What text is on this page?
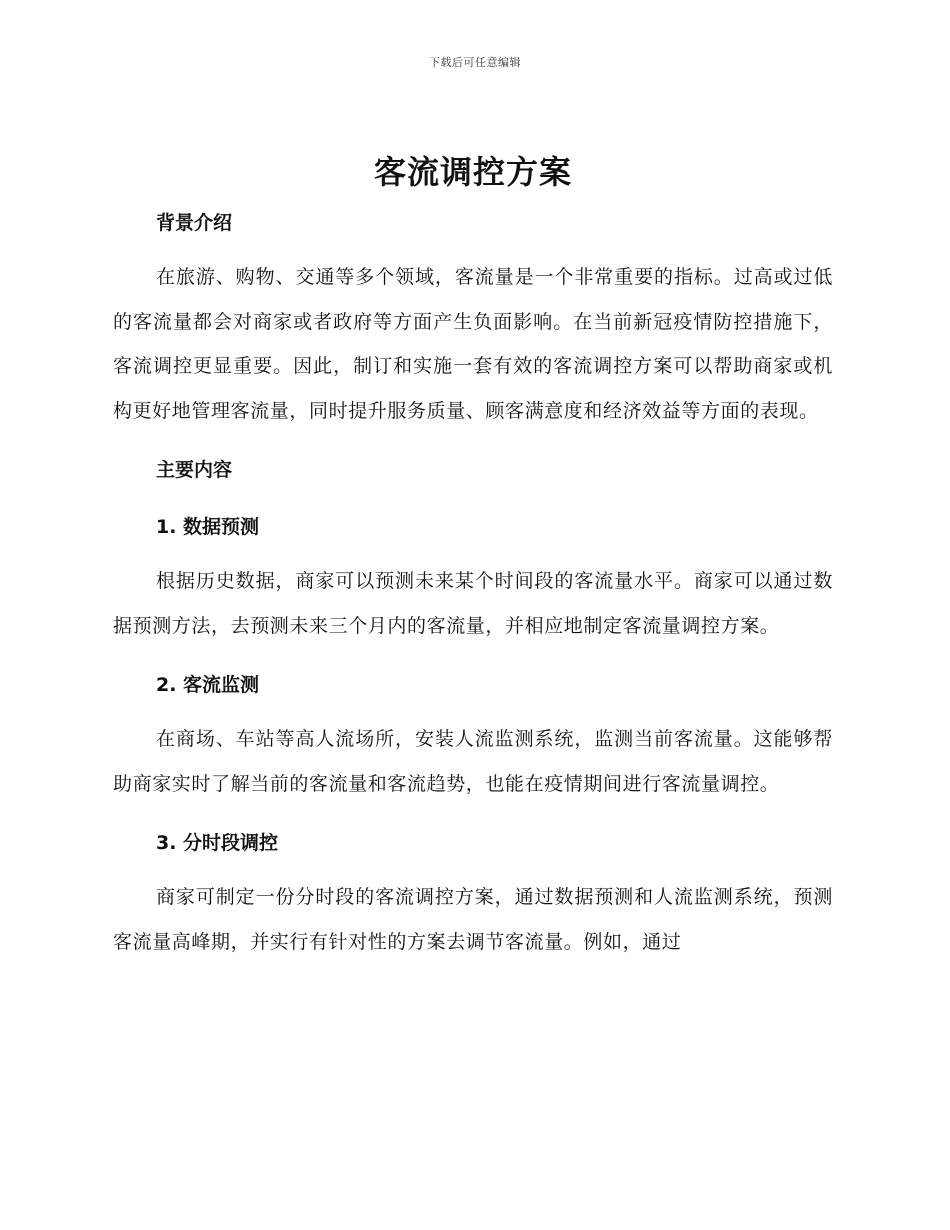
下载后可任意编辑
客流调控方案

背景介绍

在旅游、购物、交通等多个领域，客流量是一个非常重要的指标。过高或过低的客流量都会对商家或者政府等方面产生负面影响。在当前新冠疫情防控措施下，客流调控更显重要。因此，制订和实施一套有效的客流调控方案可以帮助商家或机构更好地管理客流量，同时提升服务质量、顾客满意度和经济效益等方面的表现。

主要内容

1. 数据预测

根据历史数据，商家可以预测未来某个时间段的客流量水平。商家可以通过数据预测方法，去预测未来三个月内的客流量，并相应地制定客流量调控方案。

2. 客流监测

在商场、车站等高人流场所，安装人流监测系统，监测当前客流量。这能够帮助商家实时了解当前的客流量和客流趋势，也能在疫情期间进行客流量调控。

3. 分时段调控

商家可制定一份分时段的客流调控方案，通过数据预测和人流监测系统，预测客流量高峰期，并实行有针对性的方案去调节客流量。例如，通过
